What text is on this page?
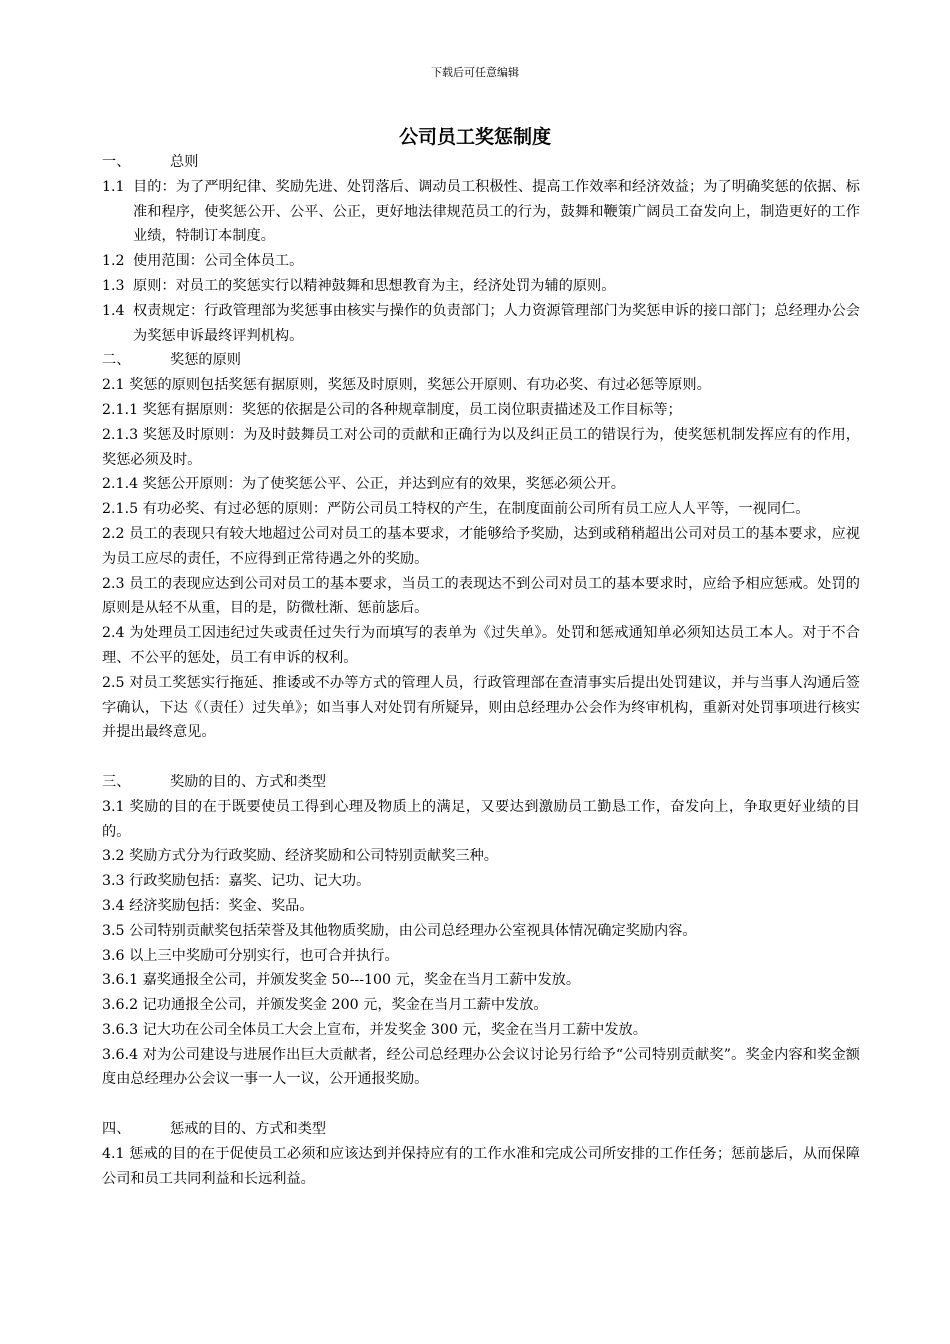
下载后可任意编辑
公司员工奖惩制度
一、	总则
1.1 目的：为了严明纪律、奖励先进、处罚落后、调动员工积极性、提高工作效率和经济效益；为了明确奖惩的依据、标准和程序，使奖惩公开、公平、公正，更好地法律规范员工的行为，鼓舞和鞭策广阔员工奋发向上，制造更好的工作业绩，特制订本制度。
1.2 使用范围：公司全体员工。
1.3 原则：对员工的奖惩实行以精神鼓舞和思想教育为主，经济处罚为辅的原则。
1.4 权责规定：行政管理部为奖惩事由核实与操作的负责部门；人力资源管理部门为奖惩申诉的接口部门；总经理办公会为奖惩申诉最终评判机构。
二、	奖惩的原则

2.1 奖惩的原则包括奖惩有据原则，奖惩及时原则，奖惩公开原则、有功必奖、有过必惩等原则。

2.1.1 奖惩有据原则：奖惩的依据是公司的各种规章制度，员工岗位职责描述及工作目标等；

2.1.3 奖惩及时原则：为及时鼓舞员工对公司的贡献和正确行为以及纠正员工的错误行为，使奖惩机制发挥应有的作用，奖惩必须及时。

2.1.4 奖惩公开原则：为了使奖惩公平、公正，并达到应有的效果，奖惩必须公开。

2.1.5 有功必奖、有过必惩的原则：严防公司员工特权的产生，在制度面前公司所有员工应人人平等，一视同仁。

2.2 员工的表现只有较大地超过公司对员工的基本要求，才能够给予奖励，达到或稍稍超出公司对员工的基本要求，应视为员工应尽的责任，不应得到正常待遇之外的奖励。

2.3 员工的表现应达到公司对员工的基本要求，当员工的表现达不到公司对员工的基本要求时，应给予相应惩戒。处罚的原则是从轻不从重，目的是，防微杜渐、惩前毖后。

2.4 为处理员工因违纪过失或责任过失行为而填写的表单为《过失单》。处罚和惩戒通知单必须知达员工本人。对于不合理、不公平的惩处，员工有申诉的权利。

2.5 对员工奖惩实行拖延、推诿或不办等方式的管理人员，行政管理部在查清事实后提出处罚建议，并与当事人沟通后签字确认，下达《（责任）过失单》；如当事人对处罚有所疑异，则由总经理办公会作为终审机构，重新对处罚事项进行核实并提出最终意见。

三、	奖励的目的、方式和类型

3.1 奖励的目的在于既要使员工得到心理及物质上的满足，又要达到激励员工勤恳工作，奋发向上，争取更好业绩的目的。

3.2 奖励方式分为行政奖励、经济奖励和公司特别贡献奖三种。

3.3 行政奖励包括：嘉奖、记功、记大功。

3.4 经济奖励包括：奖金、奖品。

3.5 公司特别贡献奖包括荣誉及其他物质奖励，由公司总经理办公室视具体情况确定奖励内容。

3.6 以上三中奖励可分别实行，也可合并执行。

3.6.1 嘉奖通报全公司，并颁发奖金 50---100 元，奖金在当月工薪中发放。

3.6.2 记功通报全公司，并颁发奖金 200 元，奖金在当月工薪中发放。

3.6.3 记大功在公司全体员工大会上宣布，并发奖金 300 元，奖金在当月工薪中发放。

3.6.4 对为公司建设与进展作出巨大贡献者，经公司总经理办公会议讨论另行给予“公司特别贡献奖”。奖金内容和奖金额度由总经理办公会议一事一人一议，公开通报奖励。

四、	惩戒的目的、方式和类型

4.1 惩戒的目的在于促使员工必须和应该达到并保持应有的工作水准和完成公司所安排的工作任务；惩前毖后，从而保障公司和员工共同利益和长远利益。
